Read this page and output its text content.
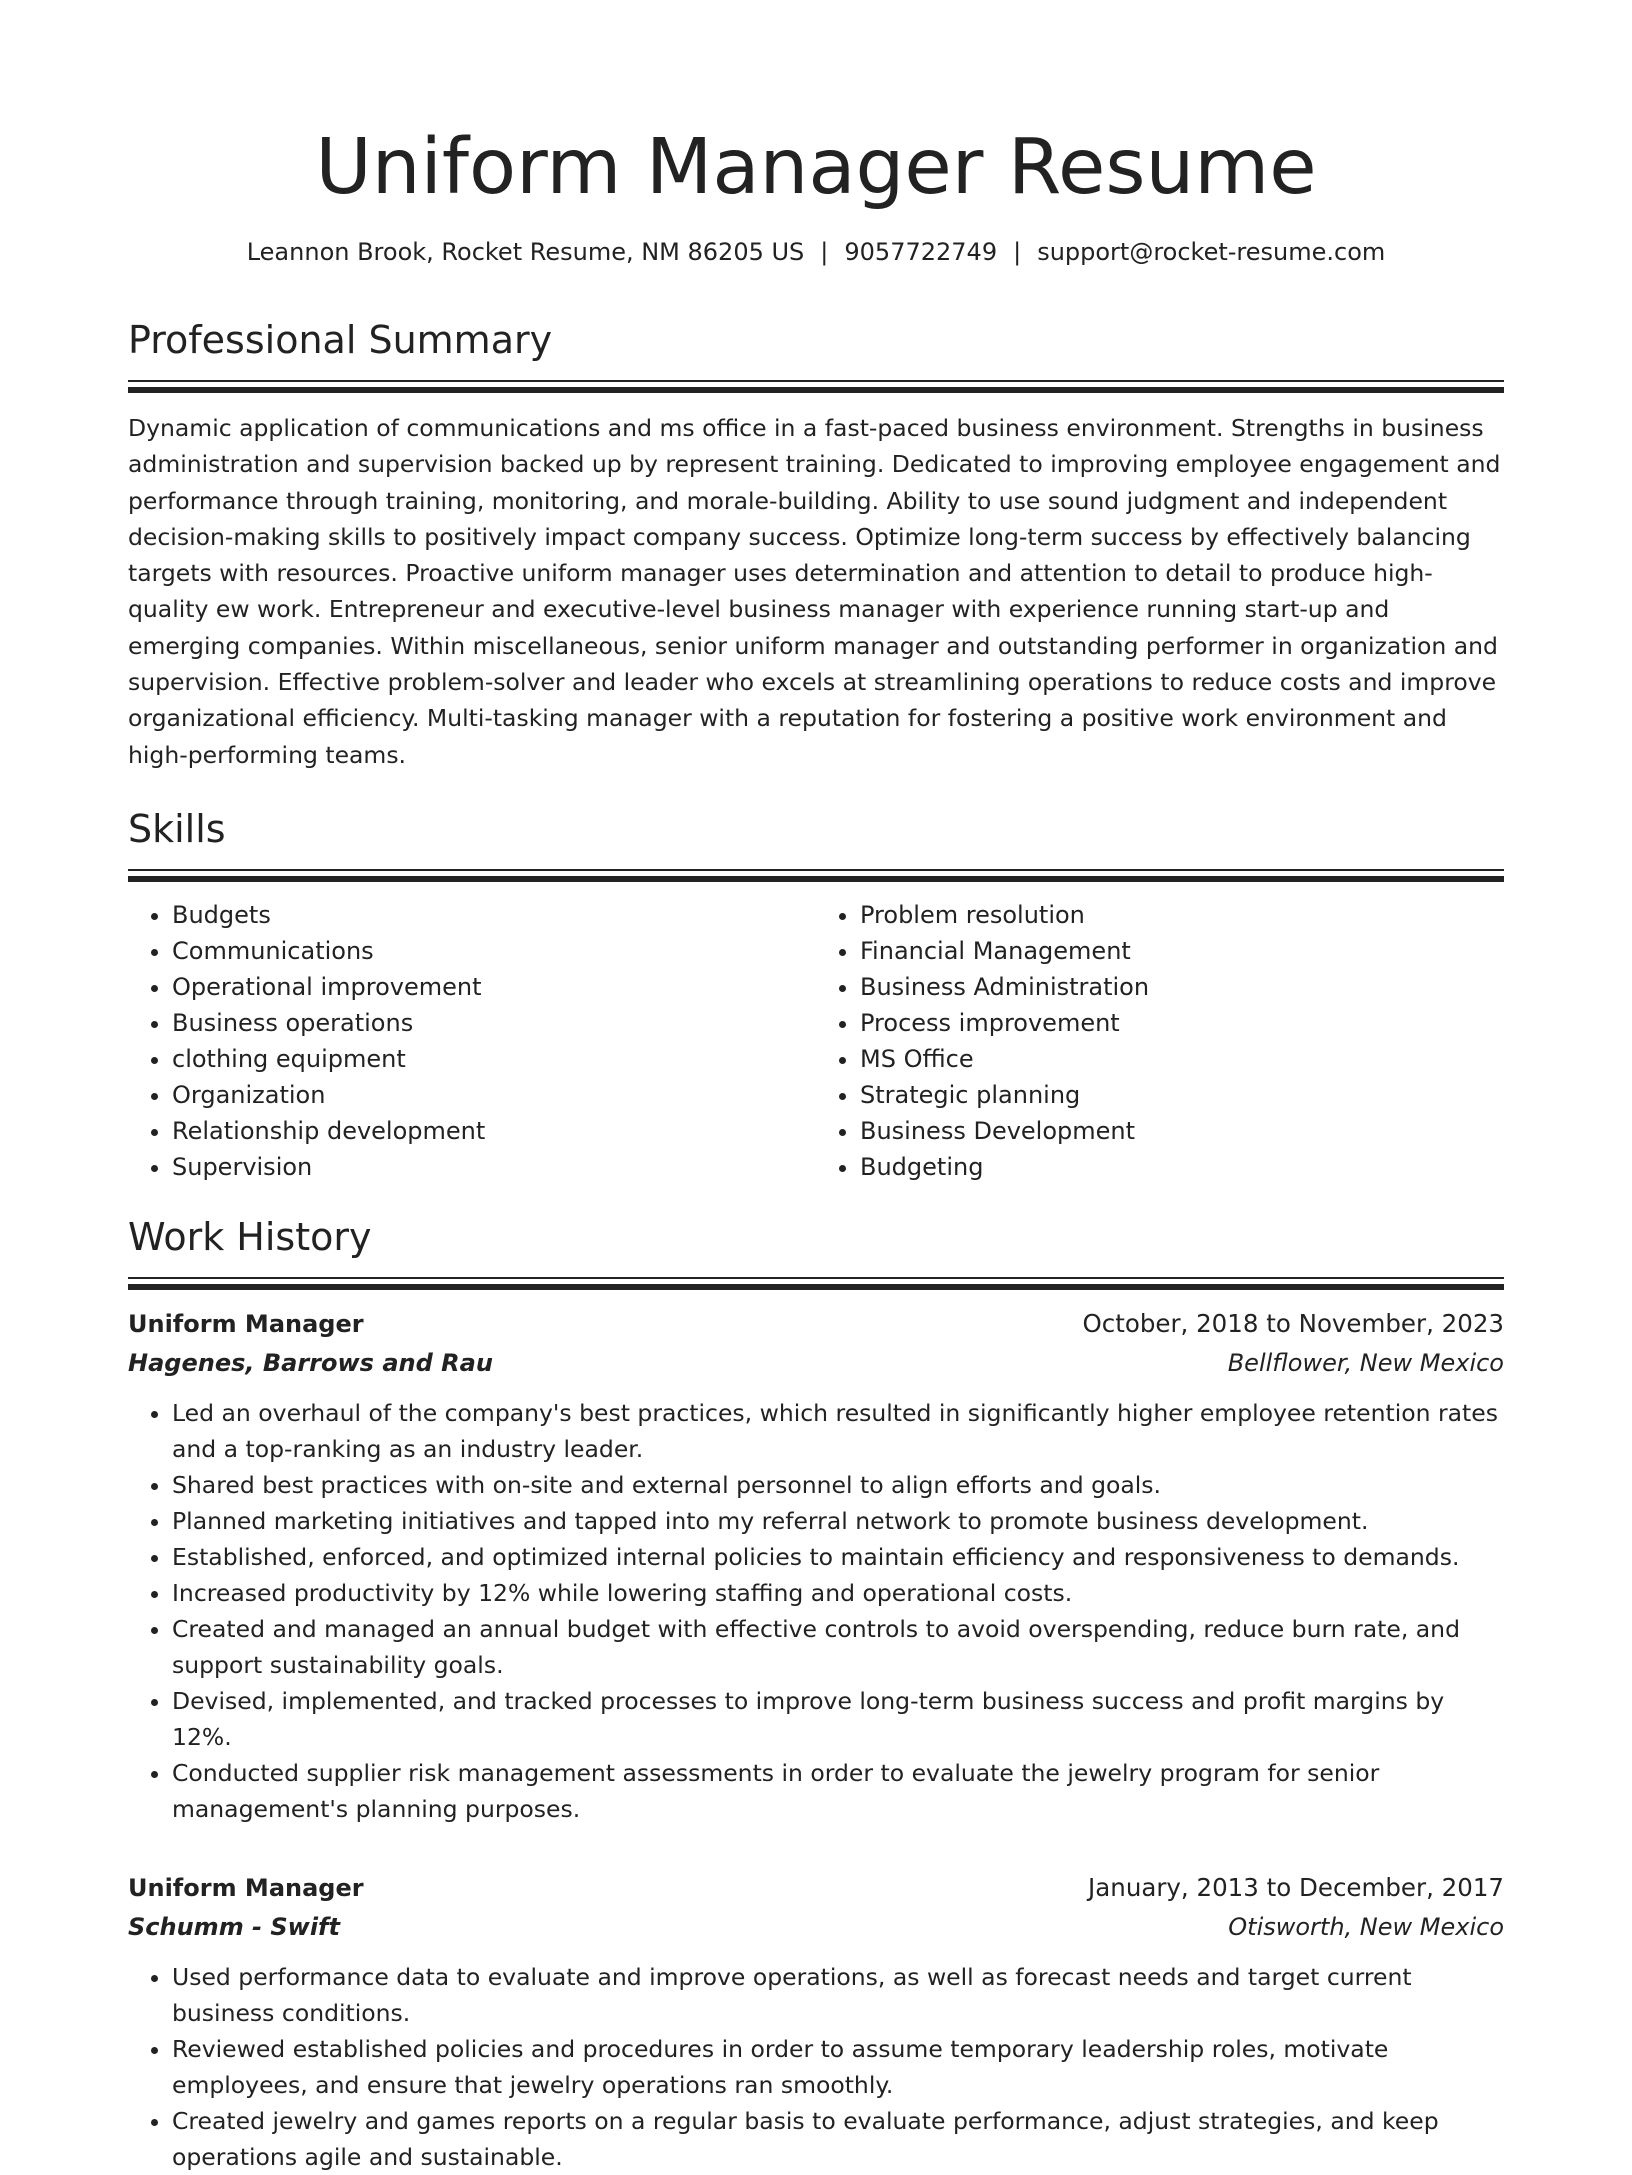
Uniform Manager Resume
Leannon Brook, Rocket Resume, NM 86205 US | 9057722749 | support@rocket-resume.com
Professional Summary

Dynamic application of communications and ms office in a fast-paced business environment. Strengths in business administration and supervision backed up by represent training. Dedicated to improving employee engagement and performance through training, monitoring, and morale-building. Ability to use sound judgment and independent decision-making skills to positively impact company success. Optimize long-term success by effectively balancing targets with resources. Proactive uniform manager uses determination and attention to detail to produce high-quality ew work. Entrepreneur and executive-level business manager with experience running start-up and emerging companies. Within miscellaneous, senior uniform manager and outstanding performer in organization and supervision. Effective problem-solver and leader who excels at streamlining operations to reduce costs and improve organizational efficiency. Multi-tasking manager with a reputation for fostering a positive work environment and high-performing teams.

Skills
• Budgets
• Communications
• Operational improvement
• Business operations
• clothing equipment
• Organization
• Relationship development
• Supervision
• Problem resolution
• Financial Management
• Business Administration
• Process improvement
• MS Office
• Strategic planning
• Business Development
• Budgeting
Work History
Uniform Manager	October, 2018 to November, 2023
Hagenes, Barrows and Rau	Bellflower, New Mexico
• Led an overhaul of the company's best practices, which resulted in significantly higher employee retention rates and a top-ranking as an industry leader.
• Shared best practices with on-site and external personnel to align efforts and goals.
• Planned marketing initiatives and tapped into my referral network to promote business development.
• Established, enforced, and optimized internal policies to maintain efficiency and responsiveness to demands.
• Increased productivity by 12% while lowering staffing and operational costs.
• Created and managed an annual budget with effective controls to avoid overspending, reduce burn rate, and support sustainability goals.
• Devised, implemented, and tracked processes to improve long-term business success and profit margins by 12%.
• Conducted supplier risk management assessments in order to evaluate the jewelry program for senior management's planning purposes.
Uniform Manager	January, 2013 to December, 2017
Schumm - Swift	Otisworth, New Mexico
• Used performance data to evaluate and improve operations, as well as forecast needs and target current business conditions.
• Reviewed established policies and procedures in order to assume temporary leadership roles, motivate employees, and ensure that jewelry operations ran smoothly.
• Created jewelry and games reports on a regular basis to evaluate performance, adjust strategies, and keep operations agile and sustainable.
